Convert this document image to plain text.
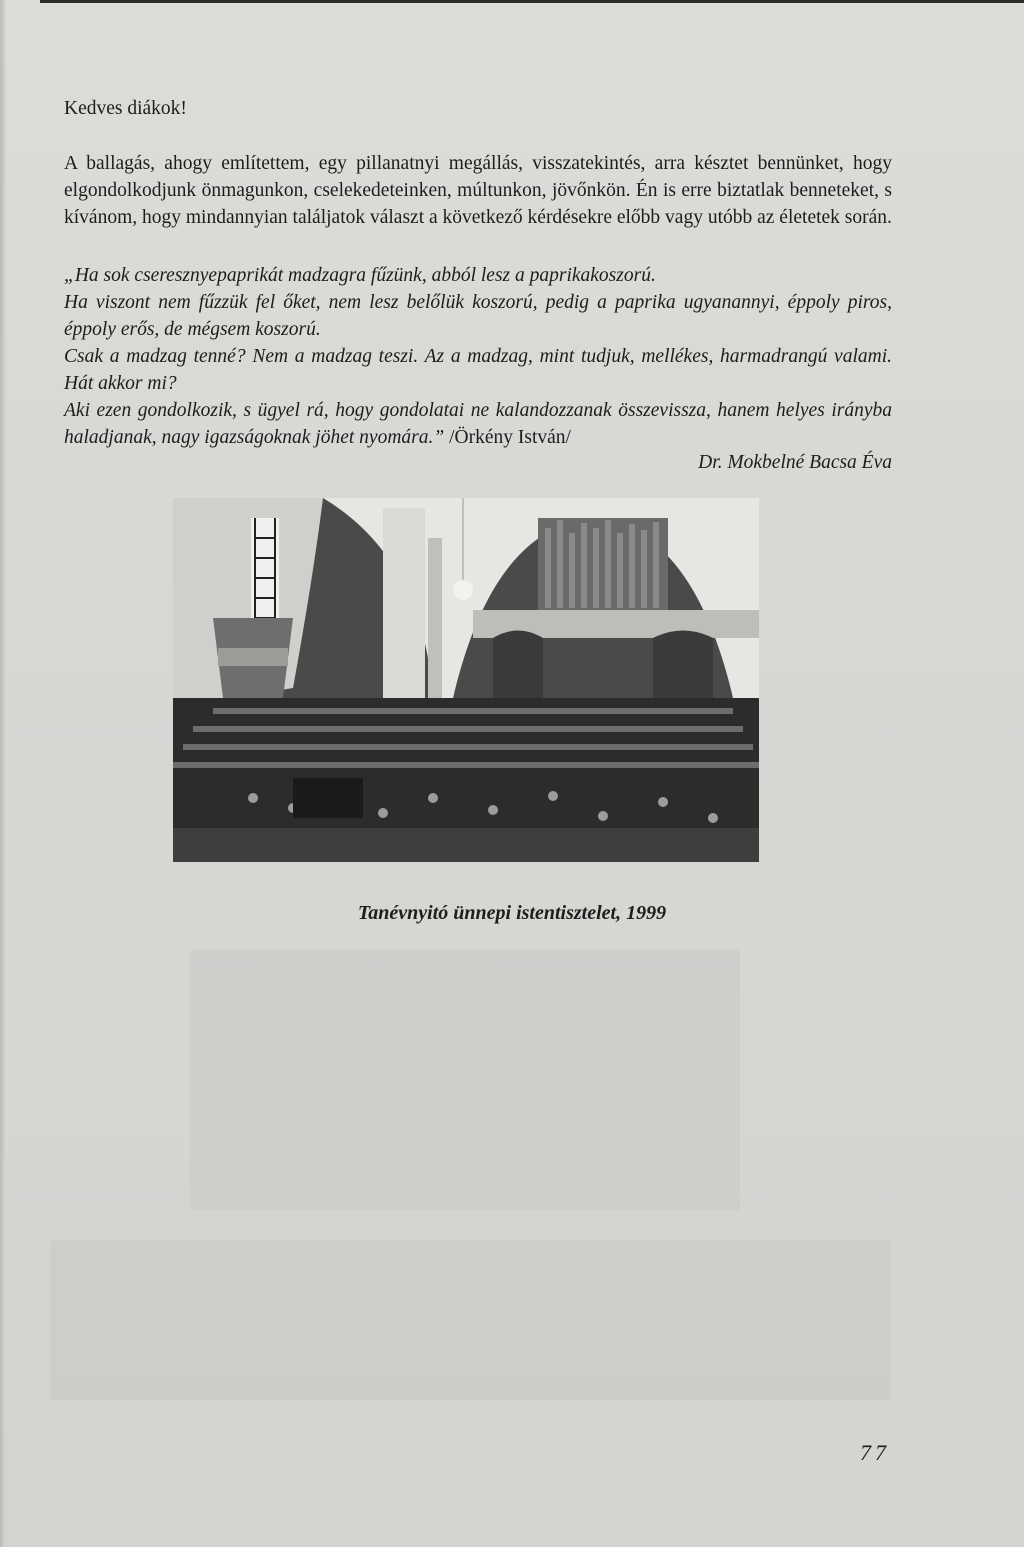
Kedves diákok!
A ballagás, ahogy említettem, egy pillanatnyi megállás, visszatekintés, arra késztet bennünket, hogy elgondolkodjunk önmagunkon, cselekedeteinken, múltunkon, jövőnkön. Én is erre biztatlak benneteket, s kívánom, hogy mindannyian találjatok választ a következő kérdésekre előbb vagy utóbb az életetek során.
„Ha sok cseresznyepaprikát madzagra fűzünk, abból lesz a paprikakoszorú.
Ha viszont nem fűzzük fel őket, nem lesz belőlük koszorú, pedig a paprika ugyanannyi, éppoly piros, éppoly erős, de mégsem koszorú.
Csak a madzag tenné? Nem a madzag teszi. Az a madzag, mint tudjuk, mellékes, harmadrangú valami. Hát akkor mi?
Aki ezen gondolkozik, s ügyel rá, hogy gondolatai ne kalandozzanak összevissza, hanem helyes irányba haladjanak, nagy igazságoknak jöhet nyomára.” /Örkény István/
Dr. Mokbelné Bacsa Éva
Tanévnyitó ünnepi istentisztelet, 1999
77
